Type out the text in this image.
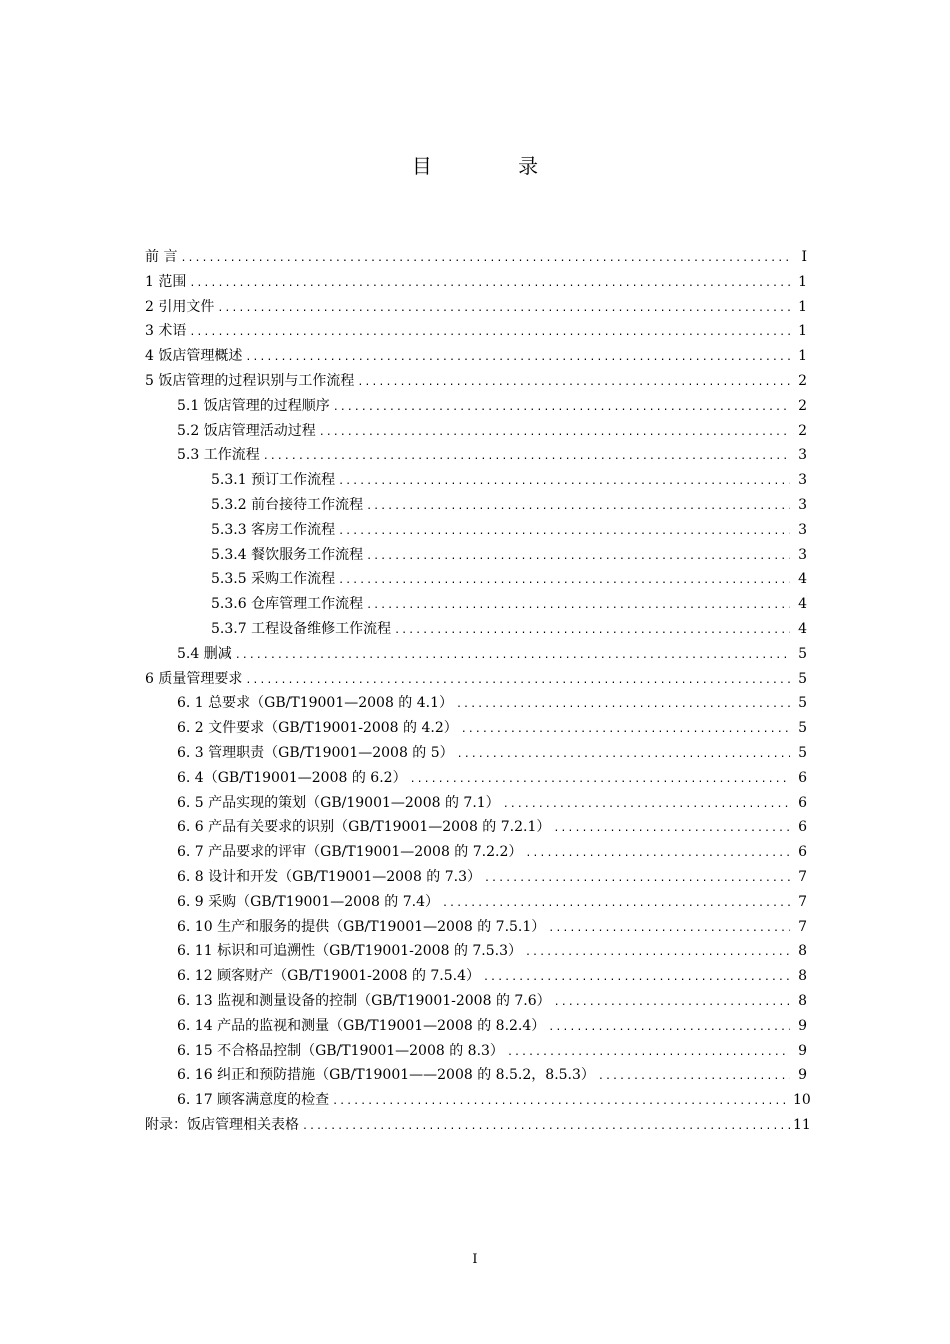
目 录
前 言 .....	I
1 范围 .....	1
2 引用文件 .....	1
3 术语 .....	1
4 饭店管理概述 .....	1
5 饭店管理的过程识别与工作流程 .....	2
5.1 饭店管理的过程顺序 .....	2
5.2 饭店管理活动过程 .....	2
5.3 工作流程 .....	3
5.3.1 预订工作流程 .....	3
5.3.2 前台接待工作流程 .....	3
5.3.3 客房工作流程 .....	3
5.3.4 餐饮服务工作流程 .....	3
5.3.5 采购工作流程 .....	4
5.3.6 仓库管理工作流程 .....	4
5.3.7 工程设备维修工作流程 .....	4
5.4 删减 .....	5
6 质量管理要求 .....	5
6. 1 总要求（GB/T19001—2008 的 4.1） .....	5
6. 2 文件要求（GB/T19001-2008 的 4.2） .....	5
6. 3 管理职责（GB/T19001—2008 的 5） .....	5
6. 4（GB/T19001—2008 的 6.2） .....	6
6. 5 产品实现的策划（GB/19001—2008 的 7.1） .....	6
6. 6 产品有关要求的识别（GB/T19001—2008 的 7.2.1） .....	6
6. 7 产品要求的评审（GB/T19001—2008 的 7.2.2） .....	6
6. 8 设计和开发（GB/T19001—2008 的 7.3） .....	7
6. 9 采购（GB/T19001—2008 的 7.4） .....	7
6. 10 生产和服务的提供（GB/T19001—2008 的 7.5.1） .....	7
6. 11 标识和可追溯性（GB/T19001-2008 的 7.5.3） .....	8
6. 12 顾客财产（GB/T19001-2008 的 7.5.4） .....	8
6. 13 监视和测量设备的控制（GB/T19001-2008 的 7.6） .....	8
6. 14 产品的监视和测量（GB/T19001—2008 的 8.2.4） .....	9
6. 15 不合格品控制（GB/T19001—2008 的 8.3） .....	9
6. 16 纠正和预防措施（GB/T19001——2008 的 8.5.2，8.5.3） .....	9
6. 17 顾客满意度的检查 .....	10
附录：饭店管理相关表格 .....	11
I
